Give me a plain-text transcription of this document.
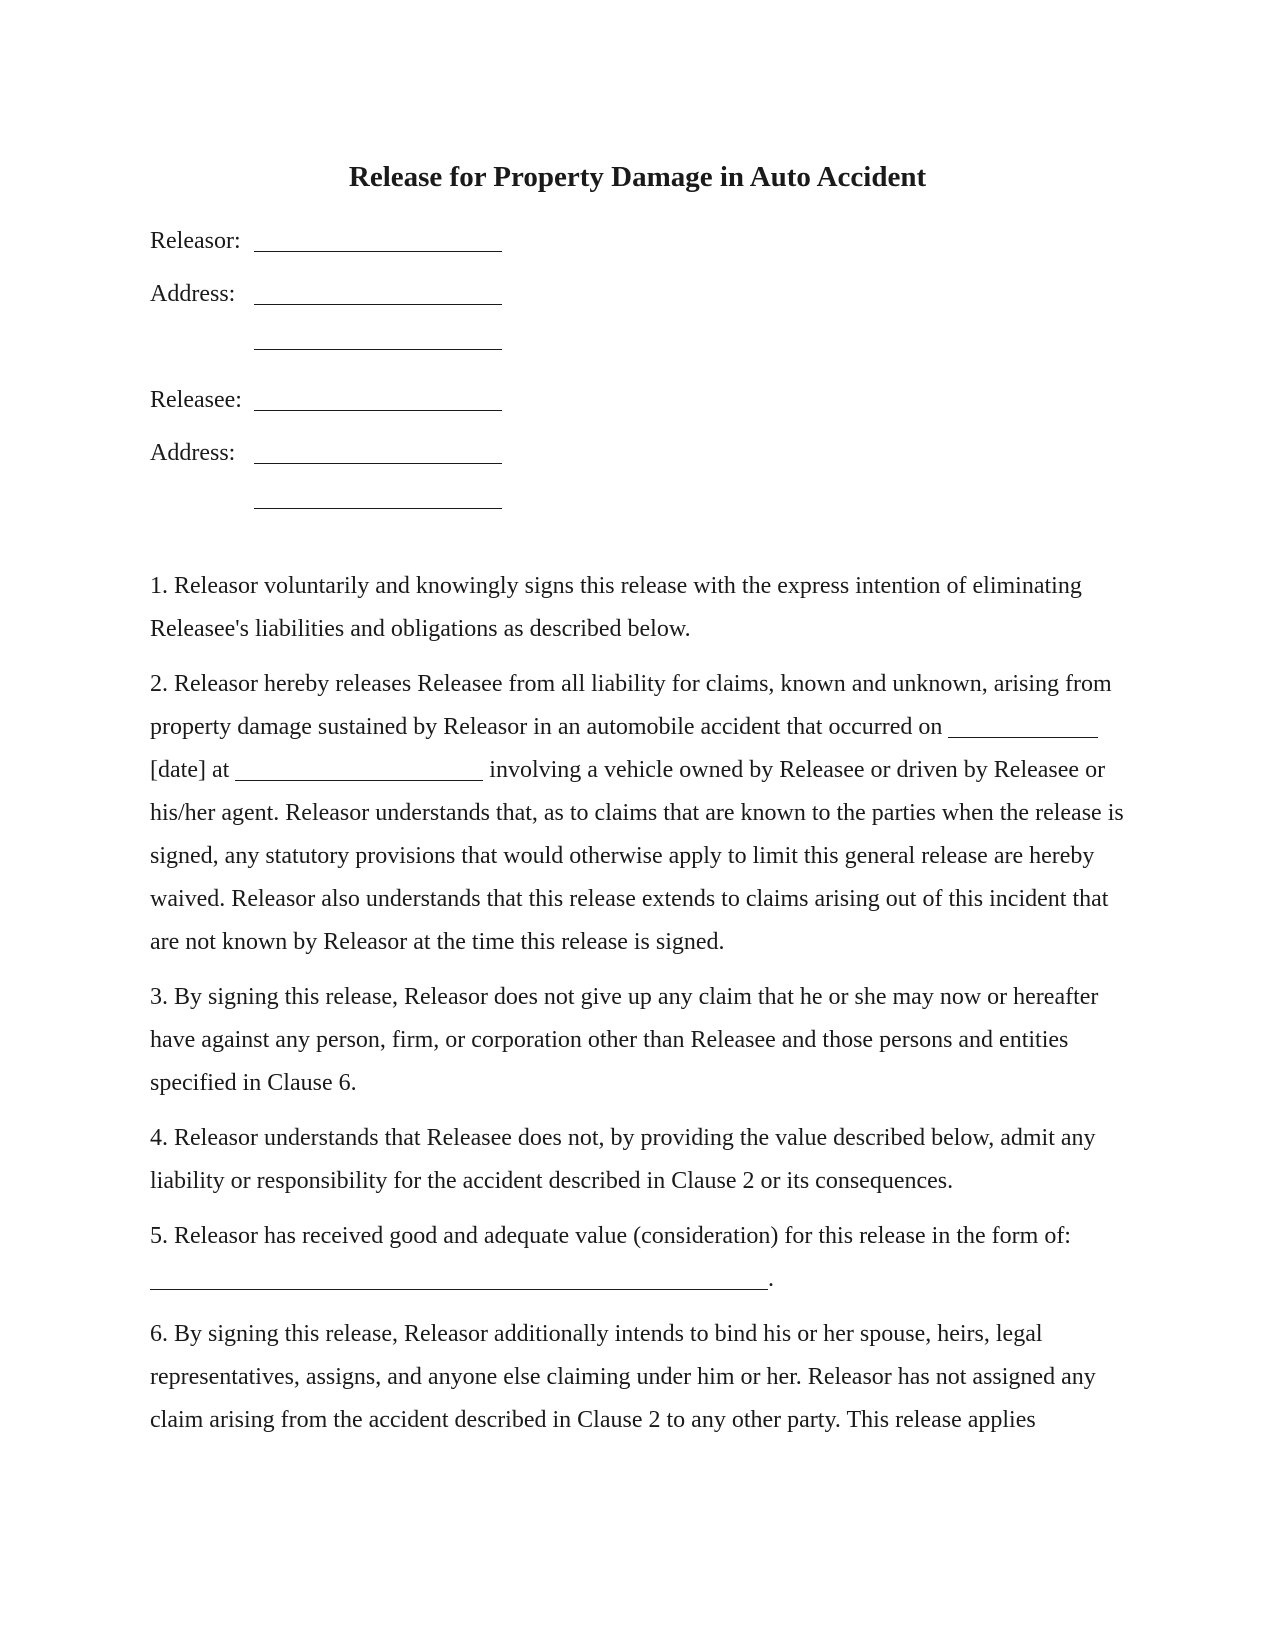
Release for Property Damage in Auto Accident
Releasor:
Address:
Releasee:
Address:

1. Releasor voluntarily and knowingly signs this release with the express intention of eliminating Releasee's liabilities and obligations as described below.

2. Releasor hereby releases Releasee from all liability for claims, known and unknown, arising from property damage sustained by Releasor in an automobile accident that occurred on  [date] at	involving a vehicle owned by Releasee or driven by Releasee or his/her agent. Releasor understands that, as to claims that are known to the parties when the release is signed, any statutory provisions that would otherwise apply to limit this general release are hereby waived. Releasor also understands that this release extends to claims arising out of this incident that are not known by Releasor at the time this release is signed.

3. By signing this release, Releasor does not give up any claim that he or she may now or hereafter have against any person, firm, or corporation other than Releasee and those persons and entities specified in Clause 6.

4. Releasor understands that Releasee does not, by providing the value described below, admit any liability or responsibility for the accident described in Clause 2 or its consequences.

5. Releasor has received good and adequate value (consideration) for this release in the form of:
.

6. By signing this release, Releasor additionally intends to bind his or her spouse, heirs, legal representatives, assigns, and anyone else claiming under him or her. Releasor has not assigned any claim arising from the accident described in Clause 2 to any other party. This release applies
